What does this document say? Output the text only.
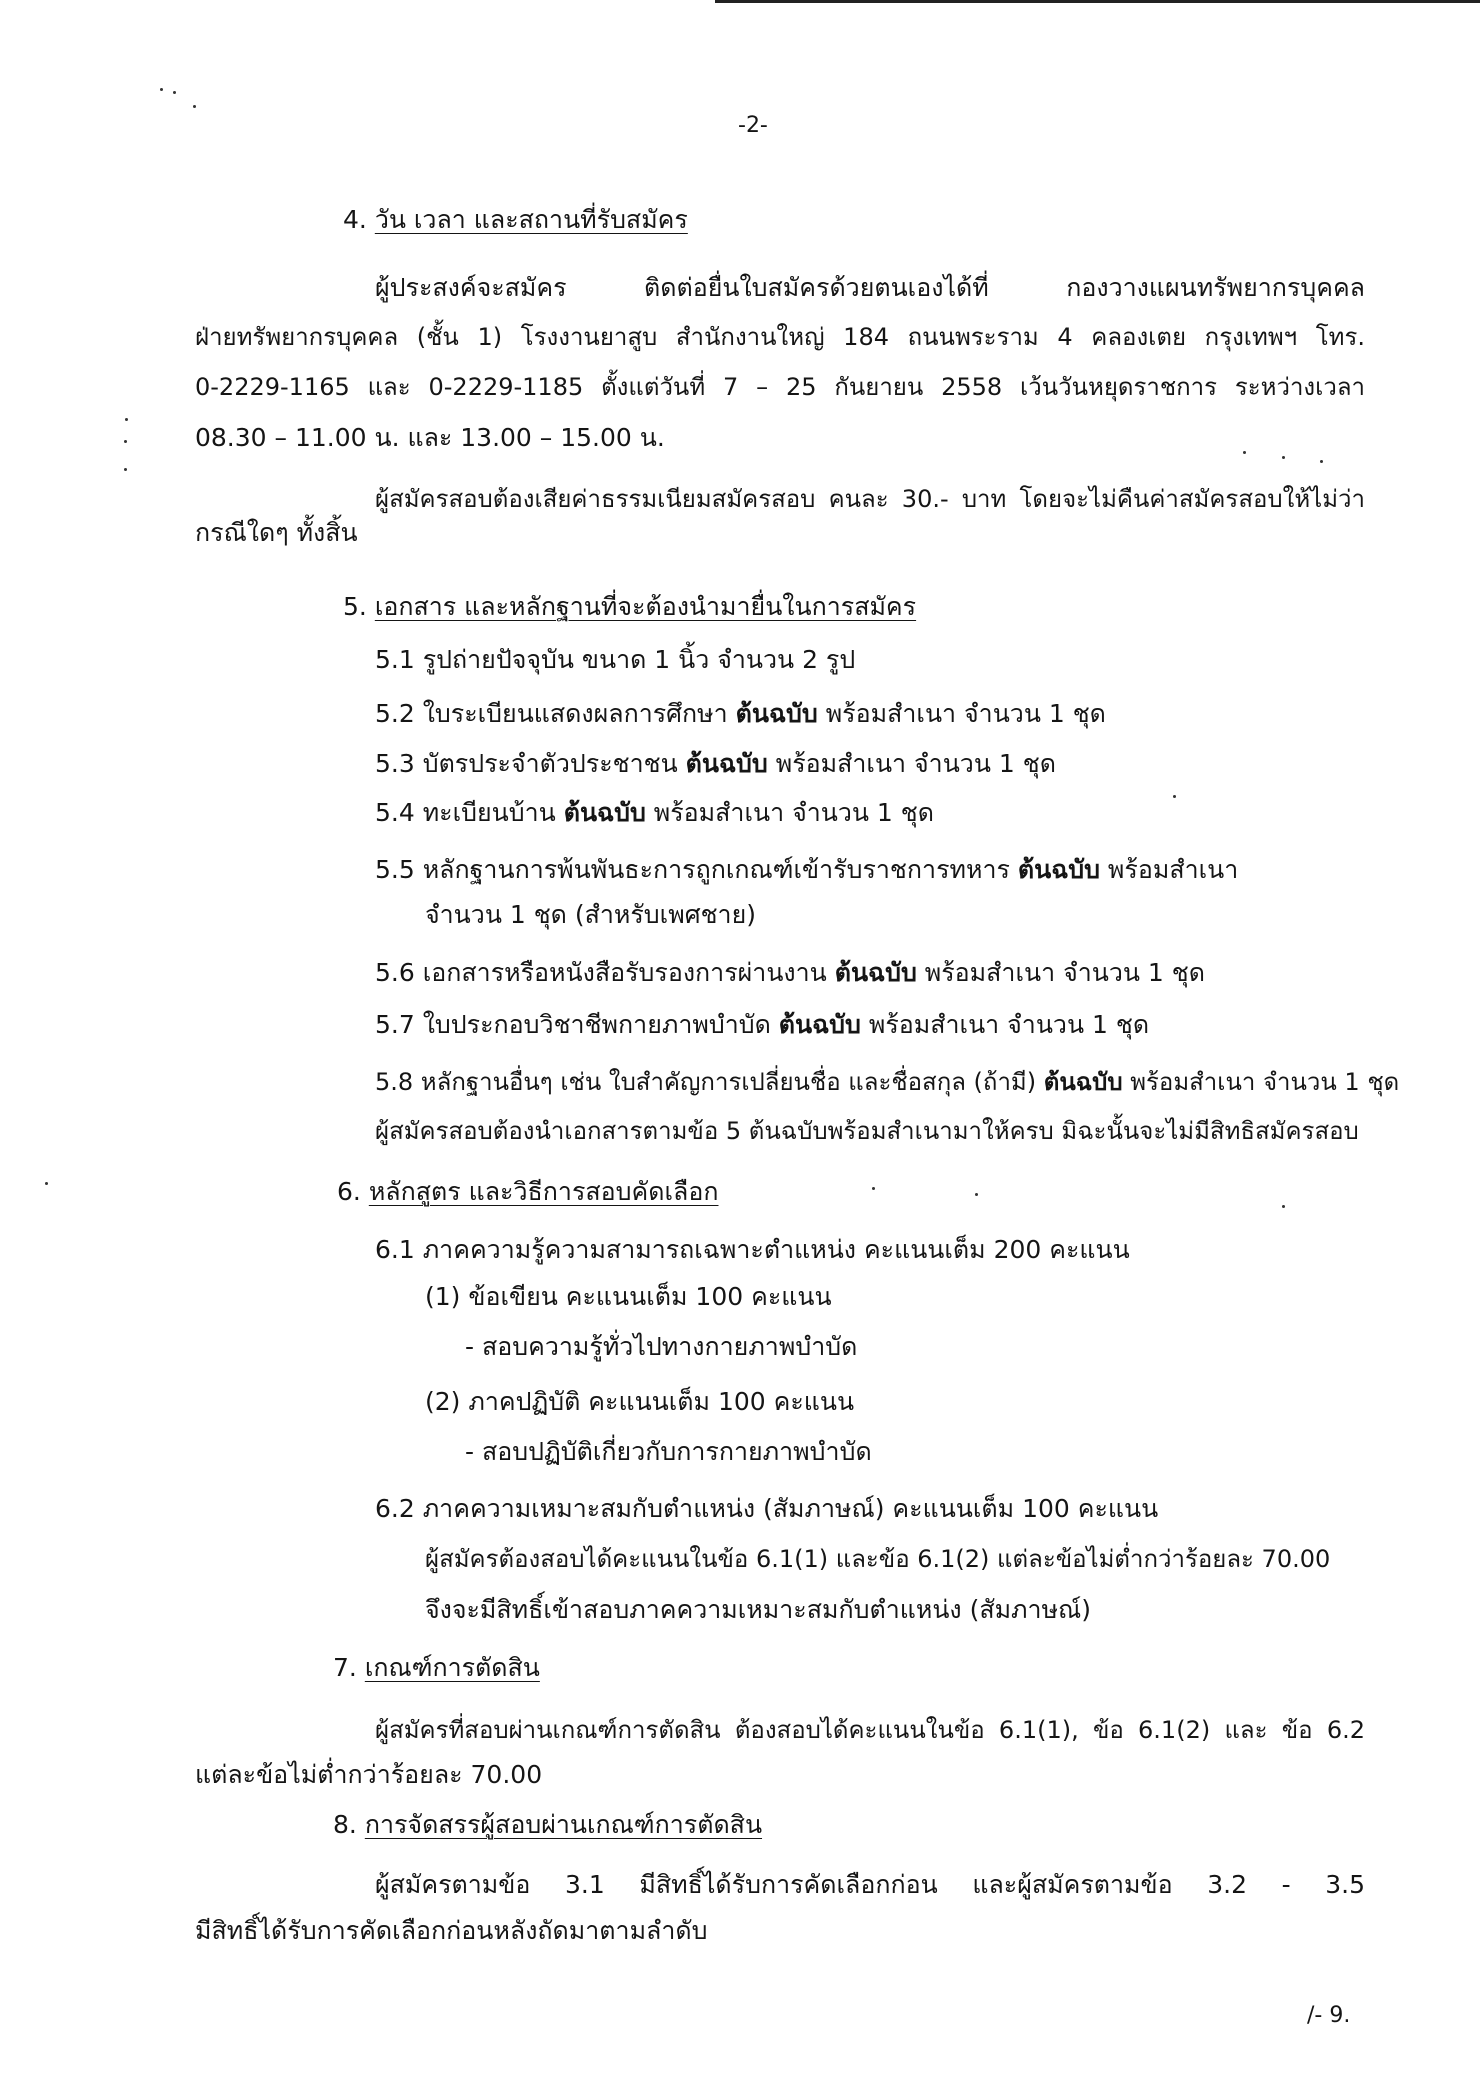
-2-
4. วัน เวลา และสถานที่รับสมัคร
ผู้ประสงค์จะสมัคร ติดต่อยื่นใบสมัครด้วยตนเองได้ที่ กองวางแผนทรัพยากรบุคคล
ฝ่ายทรัพยากรบุคคล (ชั้น 1) โรงงานยาสูบ สำนักงานใหญ่ 184 ถนนพระราม 4 คลองเตย กรุงเทพฯ โทร.
0-2229-1165 และ 0-2229-1185 ตั้งแต่วันที่ 7 – 25 กันยายน 2558 เว้นวันหยุดราชการ ระหว่างเวลา
08.30 – 11.00 น. และ 13.00 – 15.00 น.
ผู้สมัครสอบต้องเสียค่าธรรมเนียมสมัครสอบ คนละ 30.- บาท โดยจะไม่คืนค่าสมัครสอบให้ไม่ว่า
กรณีใดๆ ทั้งสิ้น
5. เอกสาร และหลักฐานที่จะต้องนำมายื่นในการสมัคร
5.1 รูปถ่ายปัจจุบัน ขนาด 1 นิ้ว จำนวน 2 รูป
5.2 ใบระเบียนแสดงผลการศึกษา ต้นฉบับ พร้อมสำเนา จำนวน 1 ชุด
5.3 บัตรประจำตัวประชาชน ต้นฉบับ พร้อมสำเนา จำนวน 1 ชุด
5.4 ทะเบียนบ้าน ต้นฉบับ พร้อมสำเนา จำนวน 1 ชุด
5.5 หลักฐานการพ้นพันธะการถูกเกณฑ์เข้ารับราชการทหาร ต้นฉบับ พร้อมสำเนา
จำนวน 1 ชุด (สำหรับเพศชาย)
5.6 เอกสารหรือหนังสือรับรองการผ่านงาน ต้นฉบับ พร้อมสำเนา จำนวน 1 ชุด
5.7 ใบประกอบวิชาชีพกายภาพบำบัด ต้นฉบับ พร้อมสำเนา จำนวน 1 ชุด
5.8 หลักฐานอื่นๆ เช่น ใบสำคัญการเปลี่ยนชื่อ และชื่อสกุล (ถ้ามี) ต้นฉบับ พร้อมสำเนา จำนวน 1 ชุด
ผู้สมัครสอบต้องนำเอกสารตามข้อ 5 ต้นฉบับพร้อมสำเนามาให้ครบ มิฉะนั้นจะไม่มีสิทธิสมัครสอบ
6. หลักสูตร และวิธีการสอบคัดเลือก
6.1 ภาคความรู้ความสามารถเฉพาะตำแหน่ง คะแนนเต็ม 200 คะแนน
(1) ข้อเขียน คะแนนเต็ม 100 คะแนน
- สอบความรู้ทั่วไปทางกายภาพบำบัด
(2) ภาคปฏิบัติ คะแนนเต็ม 100 คะแนน
- สอบปฏิบัติเกี่ยวกับการกายภาพบำบัด
6.2 ภาคความเหมาะสมกับตำแหน่ง (สัมภาษณ์) คะแนนเต็ม 100 คะแนน
ผู้สมัครต้องสอบได้คะแนนในข้อ 6.1(1) และข้อ 6.1(2) แต่ละข้อไม่ต่ำกว่าร้อยละ 70.00
จึงจะมีสิทธิ์เข้าสอบภาคความเหมาะสมกับตำแหน่ง (สัมภาษณ์)
7. เกณฑ์การตัดสิน
ผู้สมัครที่สอบผ่านเกณฑ์การตัดสิน ต้องสอบได้คะแนนในข้อ 6.1(1), ข้อ 6.1(2) และ ข้อ 6.2
แต่ละข้อไม่ต่ำกว่าร้อยละ 70.00
8. การจัดสรรผู้สอบผ่านเกณฑ์การตัดสิน
ผู้สมัครตามข้อ 3.1 มีสิทธิ์ได้รับการคัดเลือกก่อน และผู้สมัครตามข้อ 3.2 - 3.5
มีสิทธิ์ได้รับการคัดเลือกก่อนหลังถัดมาตามลำดับ
/- 9.
